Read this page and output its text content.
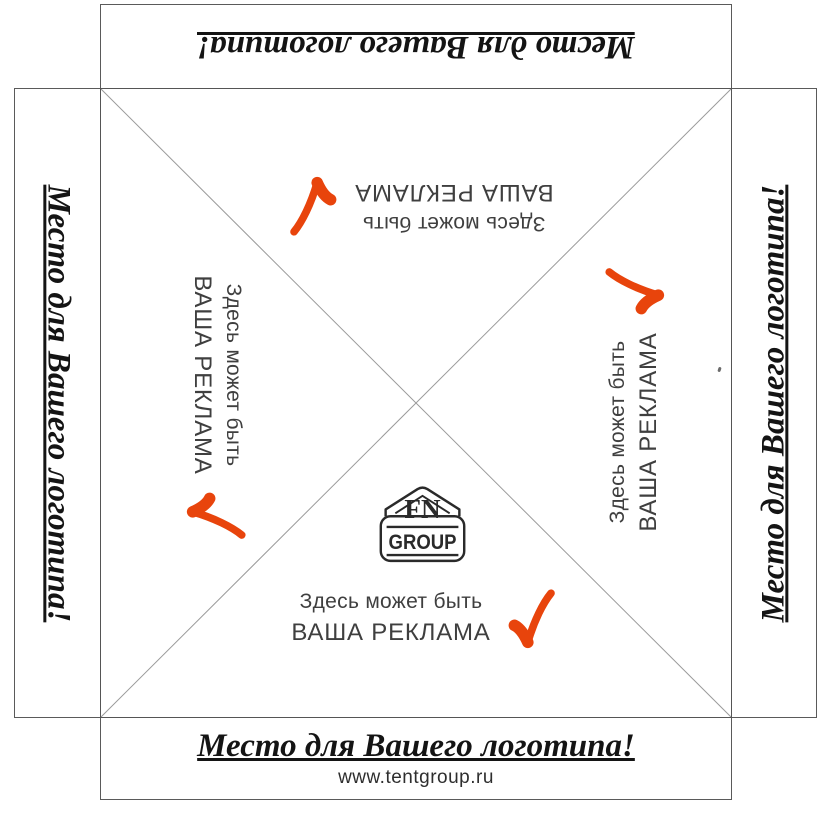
Место для Вашего логотипа!
Место для Вашего логотипа!	Место для Вашего логотипа!
Место для Вашего логотипа!
www.tentgroup.ru
Здесь может быть
ВАША РЕКЛАМА
Здесь может быть
ВАША РЕКЛАМА	Здесь может быть ВАША РЕКЛАМА
Здесь может быть
ВАША РЕКЛАМА
FN
GROUP
